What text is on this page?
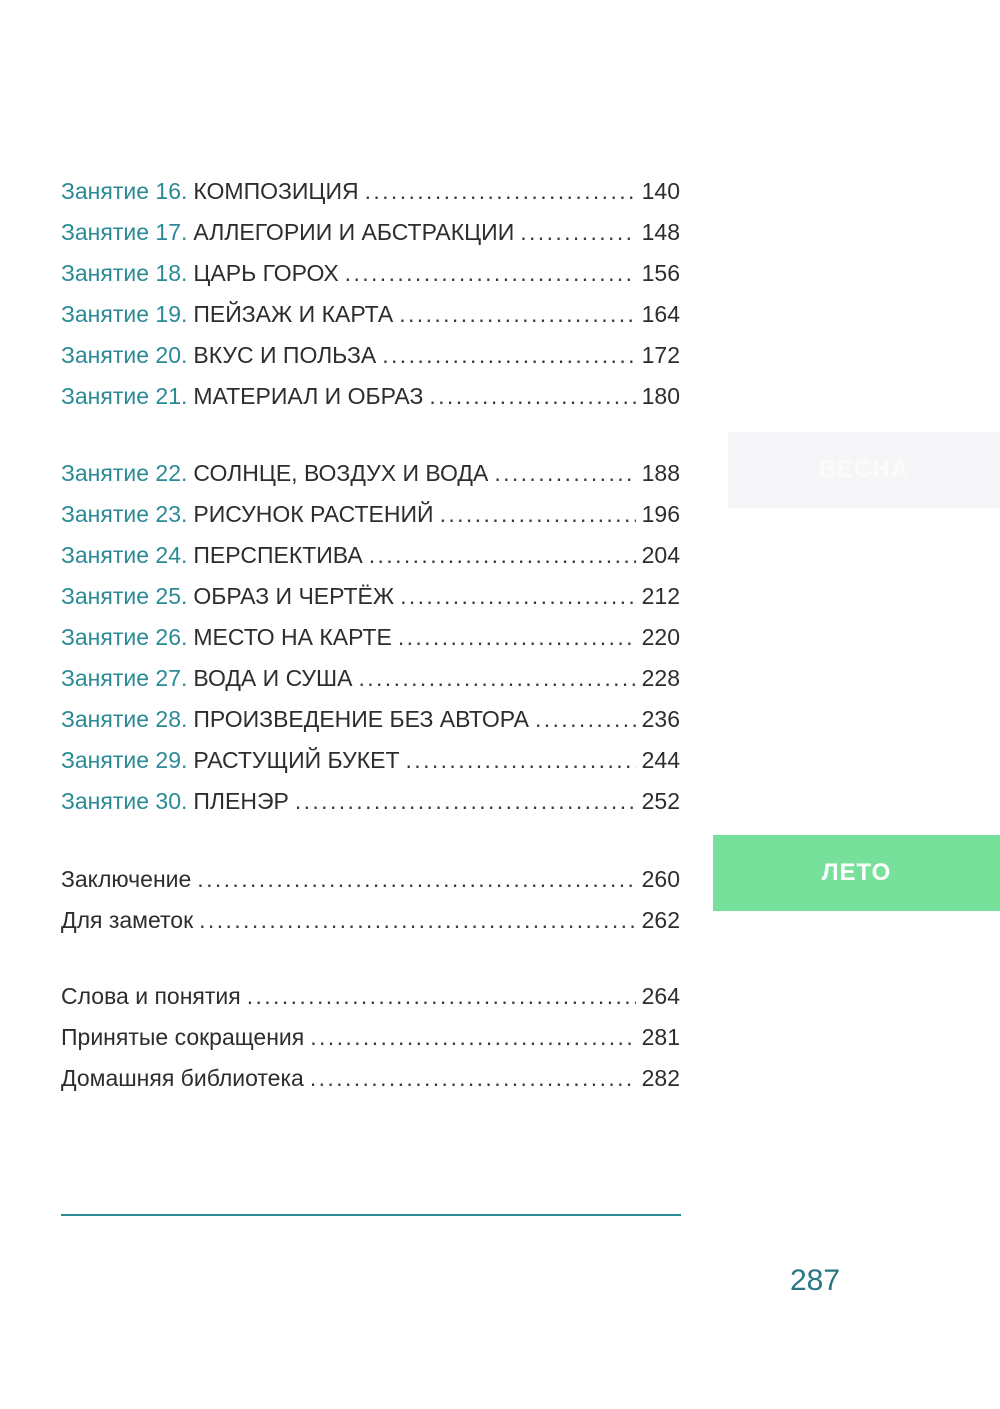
Занятие 16. КОМПОЗИЦИЯ . . .	140
Занятие 17. АЛЛЕГОРИИ И АБСТРАКЦИИ . . .	148
Занятие 18. ЦАРЬ ГОРОХ . . .	156
Занятие 19. ПЕЙЗАЖ И КАРТА . . .	164
Занятие 20. ВКУС И ПОЛЬЗА . . .	172
Занятие 21. МАТЕРИАЛ И ОБРАЗ . . .	180
Занятие 22. СОЛНЦЕ, ВОЗДУХ И ВОДА . . .	188
Занятие 23. РИСУНОК РАСТЕНИЙ . . .	196
Занятие 24. ПЕРСПЕКТИВА . . .	204
Занятие 25. ОБРАЗ И ЧЕРТЁЖ . . .	212
Занятие 26. МЕСТО НА КАРТЕ . . .	220
Занятие 27. ВОДА И СУША . . .	228
Занятие 28. ПРОИЗВЕДЕНИЕ БЕЗ АВТОРА . . .	236
Занятие 29. РАСТУЩИЙ БУКЕТ . . .	244
Занятие 30. ПЛЕНЭР . . .	252
Заключение . . .	260
Для заметок . . .	262
Слова и понятия . . .	264
Принятые сокращения . . .	281
Домашняя библиотека . . .	282
ВЕСНА
ЛЕТО
287
